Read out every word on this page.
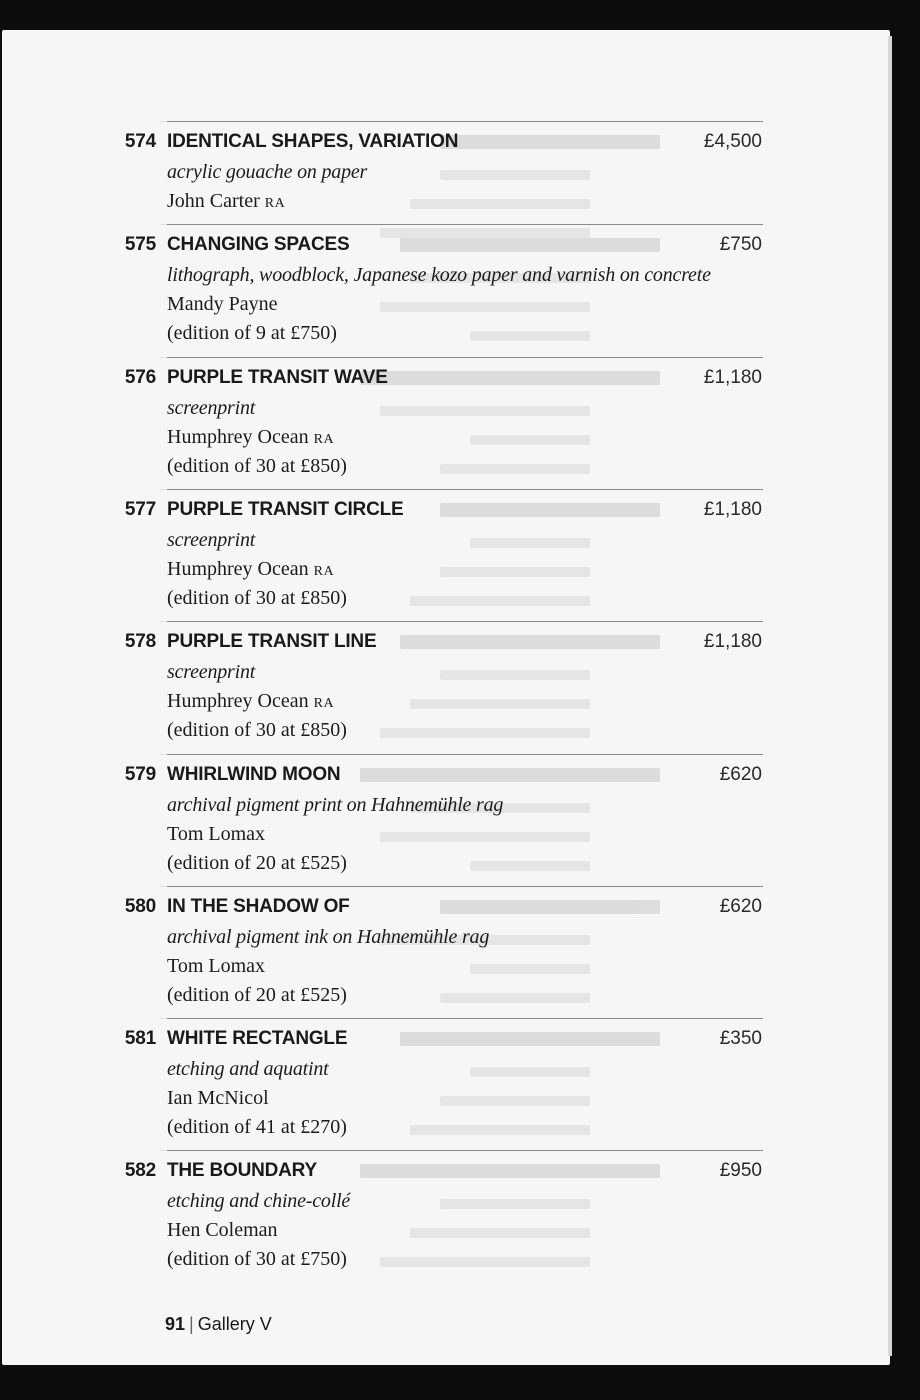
574 IDENTICAL SHAPES, VARIATION	£4,500
acrylic gouache on paper
John Carter RA
575 CHANGING SPACES	£750
lithograph, woodblock, Japanese kozo paper and varnish on concrete
Mandy Payne
(edition of 9 at £750)
576 PURPLE TRANSIT WAVE	£1,180
screenprint
Humphrey Ocean RA
(edition of 30 at £850)
577 PURPLE TRANSIT CIRCLE	£1,180
screenprint
Humphrey Ocean RA
(edition of 30 at £850)
578 PURPLE TRANSIT LINE	£1,180
screenprint
Humphrey Ocean RA
(edition of 30 at £850)
579 WHIRLWIND MOON	£620
archival pigment print on Hahnemühle rag
Tom Lomax
(edition of 20 at £525)
580 IN THE SHADOW OF	£620
archival pigment ink on Hahnemühle rag
Tom Lomax
(edition of 20 at £525)
581 WHITE RECTANGLE	£350
etching and aquatint
Ian McNicol
(edition of 41 at £270)
582 THE BOUNDARY	£950
etching and chine-collé
Hen Coleman
(edition of 30 at £750)
91 | Gallery V
